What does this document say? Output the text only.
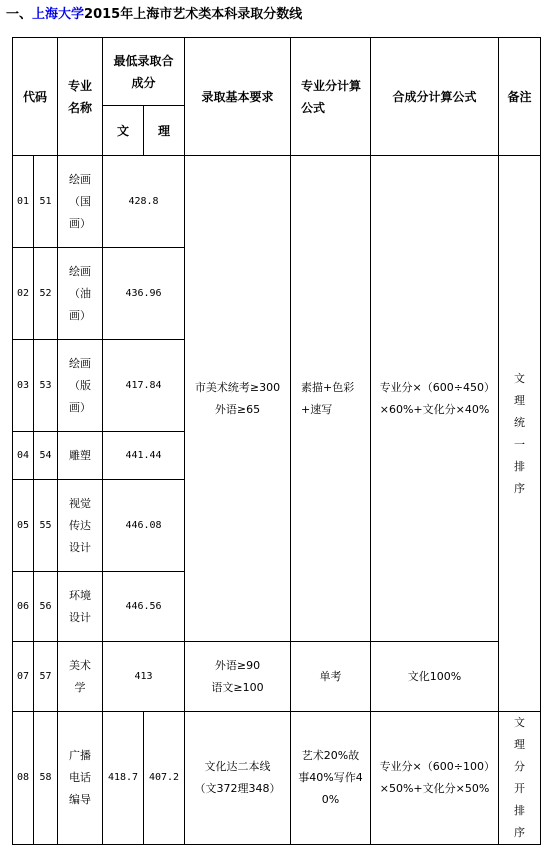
一、上海大学2015年上海市艺术类本科录取分数线
代码		专业名称	最低录取合成分		录取基本要求	专业分计算公式	合成分计算公式	备注
			文	理				
01	51	绘画（国画）	428.8		市美术统考≥300
外语≥65	素描+色彩+速写	专业分×（600÷450）×60%+文化分×40%	文理统一排序

02	52	绘画（油画）	436.96					
03	53	绘画（版画）	417.84					
04	54	雕塑	441.44					
05	55	视觉传达设计	446.08					
06	56	环境设计	446.56					
07	57	美术学	413		外语≥90
语文≥100	单考	文化100%	
08	58	广播电话编导	418.7	407.2	文化达二本线
（文372理348）	艺术20%故事40%写作40%	专业分×（600÷100）×50%+文化分×50%	文理分开排序
